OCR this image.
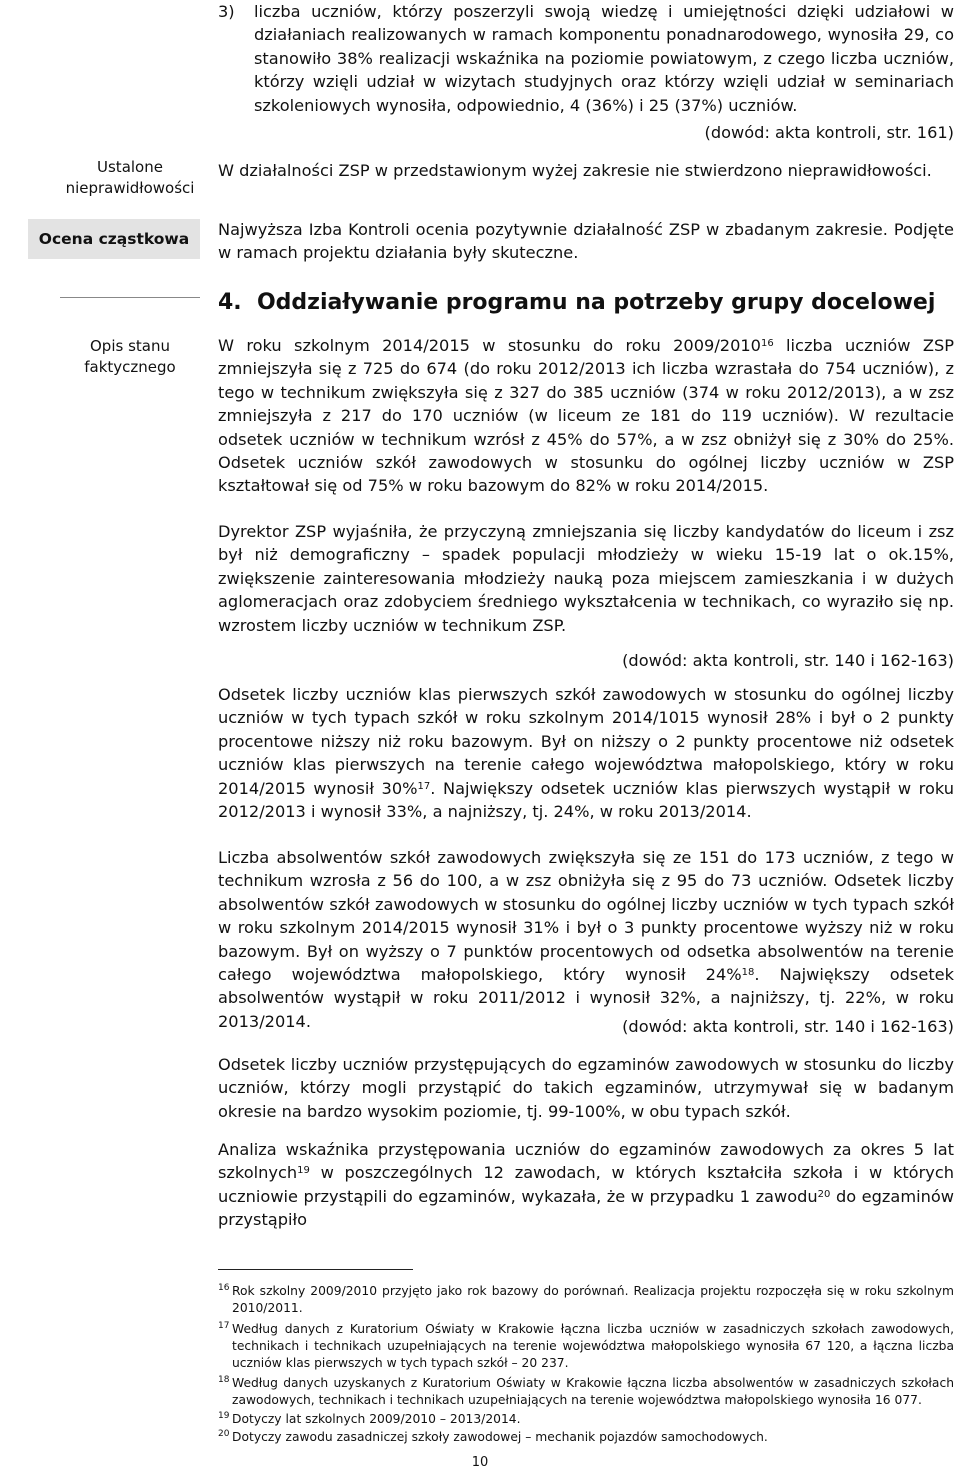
Ustalone nieprawidłowości
Ocena cząstkowa
Opis stanu faktycznego
3) liczba uczniów, którzy poszerzyli swoją wiedzę i umiejętności dzięki udziałowi w działaniach realizowanych w ramach komponentu ponadnarodowego, wynosiła 29, co stanowiło 38% realizacji wskaźnika na poziomie powiatowym, z czego liczba uczniów, którzy wzięli udział w wizytach studyjnych oraz którzy wzięli udział w seminariach szkoleniowych wynosiła, odpowiednio, 4 (36%) i 25 (37%) uczniów.
(dowód: akta kontroli, str. 161)
W działalności ZSP w przedstawionym wyżej zakresie nie stwierdzono nieprawidłowości.
Najwyższa Izba Kontroli ocenia pozytywnie działalność ZSP w zbadanym zakresie. Podjęte w ramach projektu działania były skuteczne.
4.  Oddziaływanie programu na potrzeby grupy docelowej
W roku szkolnym 2014/2015 w stosunku do roku 2009/2010$^{16}$ liczba uczniów ZSP zmniejszyła się z 725 do 674 (do roku 2012/2013 ich liczba wzrastała do 754 uczniów), z tego w technikum zwiększyła się z 327 do 385 uczniów (374 w roku 2012/2013), a w zsz zmniejszyła z 217 do 170 uczniów (w liceum ze 181 do 119 uczniów). W rezultacie odsetek uczniów w technikum wzrósł z 45% do 57%, a w zsz obniżył się z 30% do 25%. Odsetek uczniów szkół zawodowych w stosunku do ogólnej liczby uczniów w ZSP kształtował się od 75% w roku bazowym do 82% w roku 2014/2015.
Dyrektor ZSP wyjaśniła, że przyczyną zmniejszania się liczby kandydatów do liceum i zsz był niż demograficzny – spadek populacji młodzieży w wieku 15-19 lat o ok.15%, zwiększenie zainteresowania młodzieży nauką poza miejscem zamieszkania i w dużych aglomeracjach oraz zdobyciem średniego wykształcenia w technikach, co wyraziło się np. wzrostem liczby uczniów w technikum ZSP.
(dowód: akta kontroli, str. 140 i 162-163)
Odsetek liczby uczniów klas pierwszych szkół zawodowych w stosunku do ogólnej liczby uczniów w tych typach szkół w roku szkolnym 2014/1015 wynosił 28% i był o 2 punkty procentowe niższy niż roku bazowym. Był on niższy o 2 punkty procentowe niż odsetek uczniów klas pierwszych na terenie całego województwa małopolskiego, który w roku 2014/2015 wynosił 30%$^{17}$. Największy odsetek uczniów klas pierwszych wystąpił w roku 2012/2013 i wynosił 33%, a najniższy, tj. 24%, w roku 2013/2014.
Liczba absolwentów szkół zawodowych zwiększyła się ze 151 do 173 uczniów, z tego w technikum wzrosła z 56 do 100, a w zsz obniżyła się z 95 do 73 uczniów. Odsetek liczby absolwentów szkół zawodowych w stosunku do ogólnej liczby uczniów w tych typach szkół w roku szkolnym 2014/2015 wynosił 31% i był o 3 punkty procentowe wyższy niż w roku bazowym. Był on wyższy o 7 punktów procentowych od odsetka absolwentów na terenie całego województwa małopolskiego, który wynosił 24%$^{18}$. Największy odsetek absolwentów wystąpił w roku 2011/2012 i wynosił 32%, a najniższy, tj. 22%, w roku 2013/2014.	(dowód: akta kontroli, str. 140 i 162-163)
Odsetek liczby uczniów przystępujących do egzaminów zawodowych w stosunku do liczby uczniów, którzy mogli przystąpić do takich egzaminów, utrzymywał się w badanym okresie na bardzo wysokim poziomie, tj. 99-100%, w obu typach szkół.
Analiza wskaźnika przystępowania uczniów do egzaminów zawodowych za okres 5 lat szkolnych$^{19}$ w poszczególnych 12 zawodach, w których kształciła szkoła i w których uczniowie przystąpili do egzaminów, wykazała, że w przypadku 1 zawodu$^{20}$ do egzaminów przystąpiło
16 Rok szkolny 2009/2010 przyjęto jako rok bazowy do porównań. Realizacja projektu rozpoczęła się w roku szkolnym 2010/2011.
17 Według danych z Kuratorium Oświaty w Krakowie łączna liczba uczniów w zasadniczych szkołach zawodowych, technikach i technikach uzupełniających na terenie województwa małopolskiego wynosiła 67 120, a łączna liczba uczniów klas pierwszych w tych typach szkół – 20 237.
18 Według danych uzyskanych z Kuratorium Oświaty w Krakowie łączna liczba absolwentów w zasadniczych szkołach zawodowych, technikach i technikach uzupełniających na terenie województwa małopolskiego wynosiła 16 077.
19 Dotyczy lat szkolnych 2009/2010 – 2013/2014.
20 Dotyczy zawodu zasadniczej szkoły zawodowej – mechanik pojazdów samochodowych.
10
